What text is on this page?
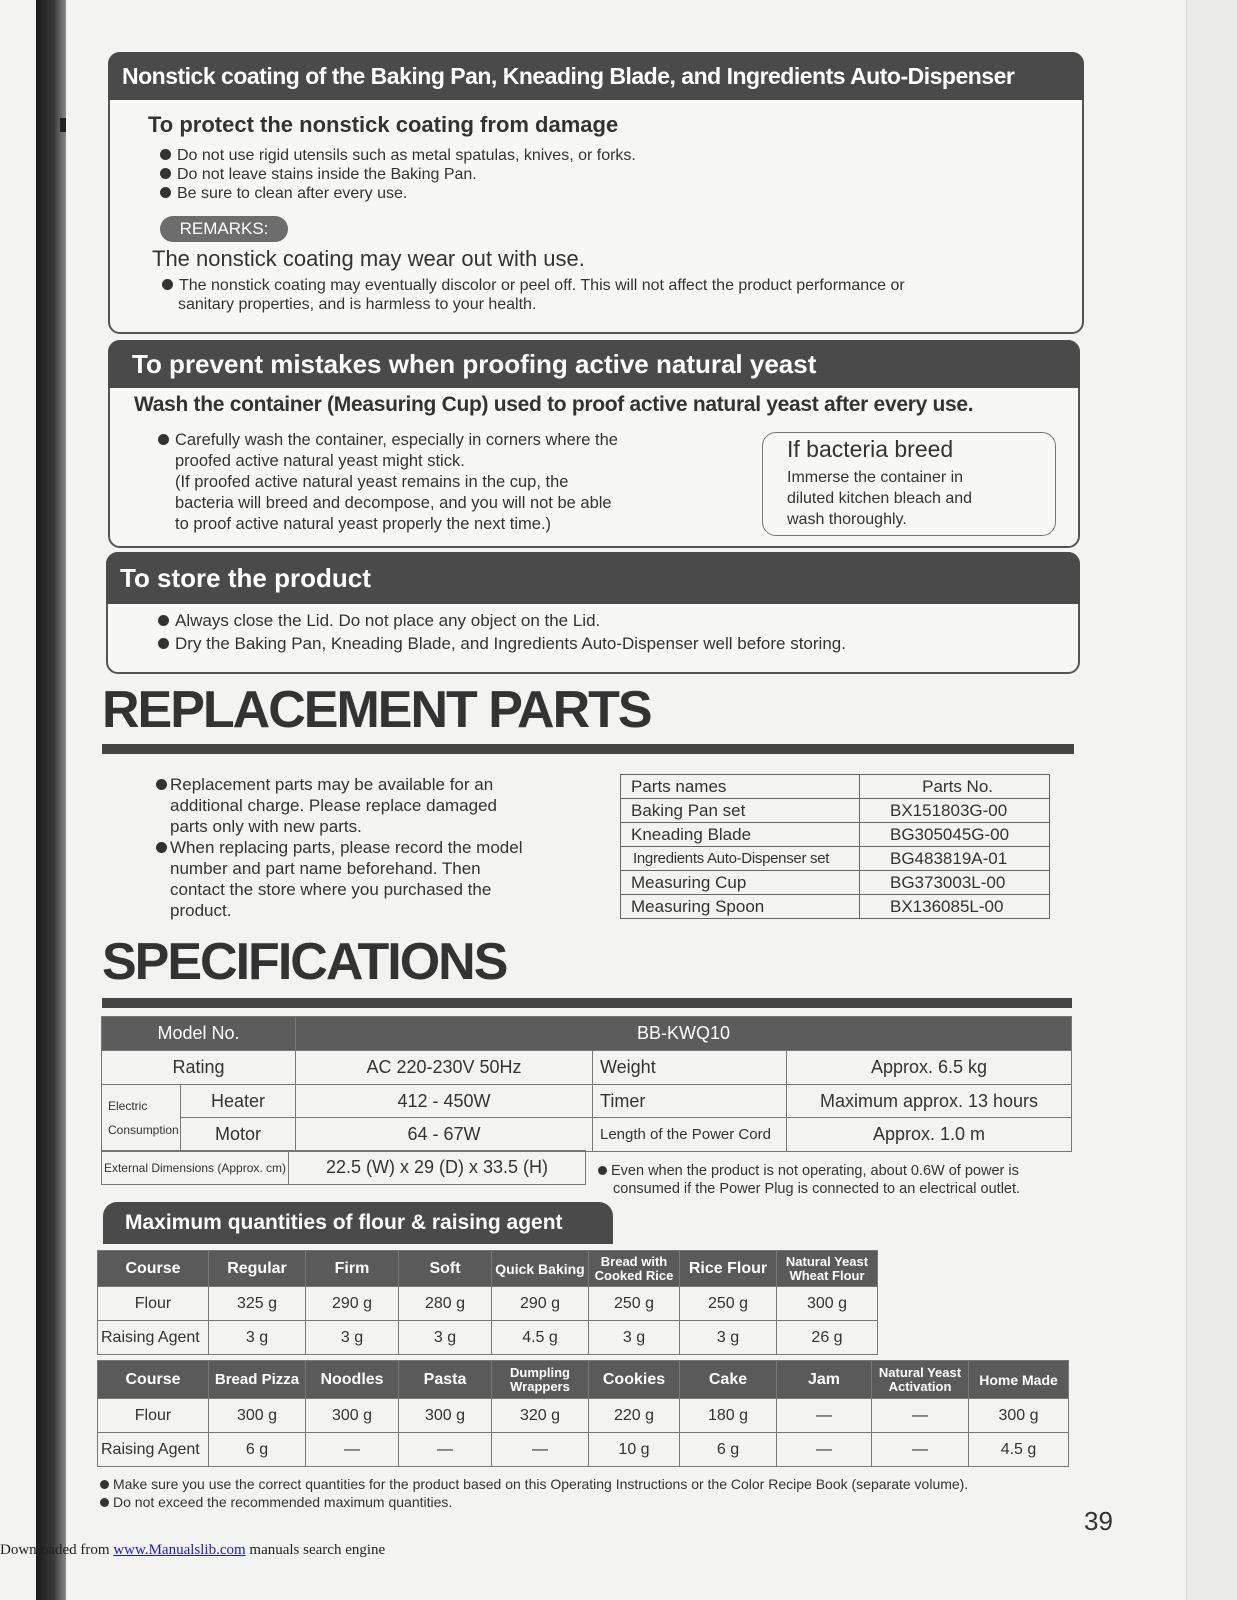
Nonstick coating of the Baking Pan, Kneading Blade, and Ingredients Auto-Dispenser
To protect the nonstick coating from damage
Do not use rigid utensils such as metal spatulas, knives, or forks.
Do not leave stains inside the Baking Pan.
Be sure to clean after every use.
REMARKS:
The nonstick coating may wear out with use.
The nonstick coating may eventually discolor or peel off. This will not affect the product performance or
sanitary properties, and is harmless to your health.
To prevent mistakes when proofing active natural yeast
Wash the container (Measuring Cup) used to proof active natural yeast after every use.
Carefully wash the container, especially in corners where the
proofed active natural yeast might stick.
(If proofed active natural yeast remains in the cup, the
bacteria will breed and decompose, and you will not be able
to proof active natural yeast properly the next time.)
If bacteria breed
Immerse the container in
diluted kitchen bleach and
wash thoroughly.
To store the product
Always close the Lid. Do not place any object on the Lid.
Dry the Baking Pan, Kneading Blade, and Ingredients Auto-Dispenser well before storing.
REPLACEMENT PARTS
Replacement parts may be available for an
additional charge. Please replace damaged
parts only with new parts.
When replacing parts, please record the model
number and part name beforehand. Then
contact the store where you purchased the
product.
Parts names	Parts No.
Baking Pan set	BX151803G-00
Kneading Blade	BG305045G-00
Ingredients Auto-Dispenser set	BG483819A-01
Measuring Cup	BG373003L-00
Measuring Spoon	BX136085L-00
SPECIFICATIONS
Model No.		BB-KWQ10		
Rating		AC 220-230V 50Hz	Weight	Approx. 6.5 kg

Electric
Consumption	Heater	412 - 450W	Timer	Maximum approx. 13 hours
	Motor	64 - 67W	Length of the Power Cord	Approx. 1.0 m
External Dimensions (Approx. cm)	22.5 (W) x 29 (D) x 33.5 (H)	Even when the product is not operating, about 0.6W of power is
consumed if the Power Plug is connected to an electrical outlet.
Maximum quantities of flour & raising agent
Course	Regular	Firm	Soft	Quick Baking	Bread with Cooked Rice	Rice Flour	Natural Yeast Wheat Flour
Flour	325 g	290 g	280 g	290 g	250 g	250 g	300 g
Raising Agent	3 g	3 g	3 g	4.5 g	3 g	3 g	26 g
Course	Bread Pizza	Noodles	Pasta	Dumpling Wrappers	Cookies	Cake	Jam	Natural Yeast Activation	Home Made
Flour	300 g	300 g	300 g	320 g	220 g	180 g	—	—	300 g
Raising Agent	6 g	—	—	—	10 g	6 g	—	—	4.5 g
Make sure you use the correct quantities for the product based on this Operating Instructions or the Color Recipe Book (separate volume).
Do not exceed the recommended maximum quantities.
39
Downloaded from www.Manualslib.com manuals search engine
